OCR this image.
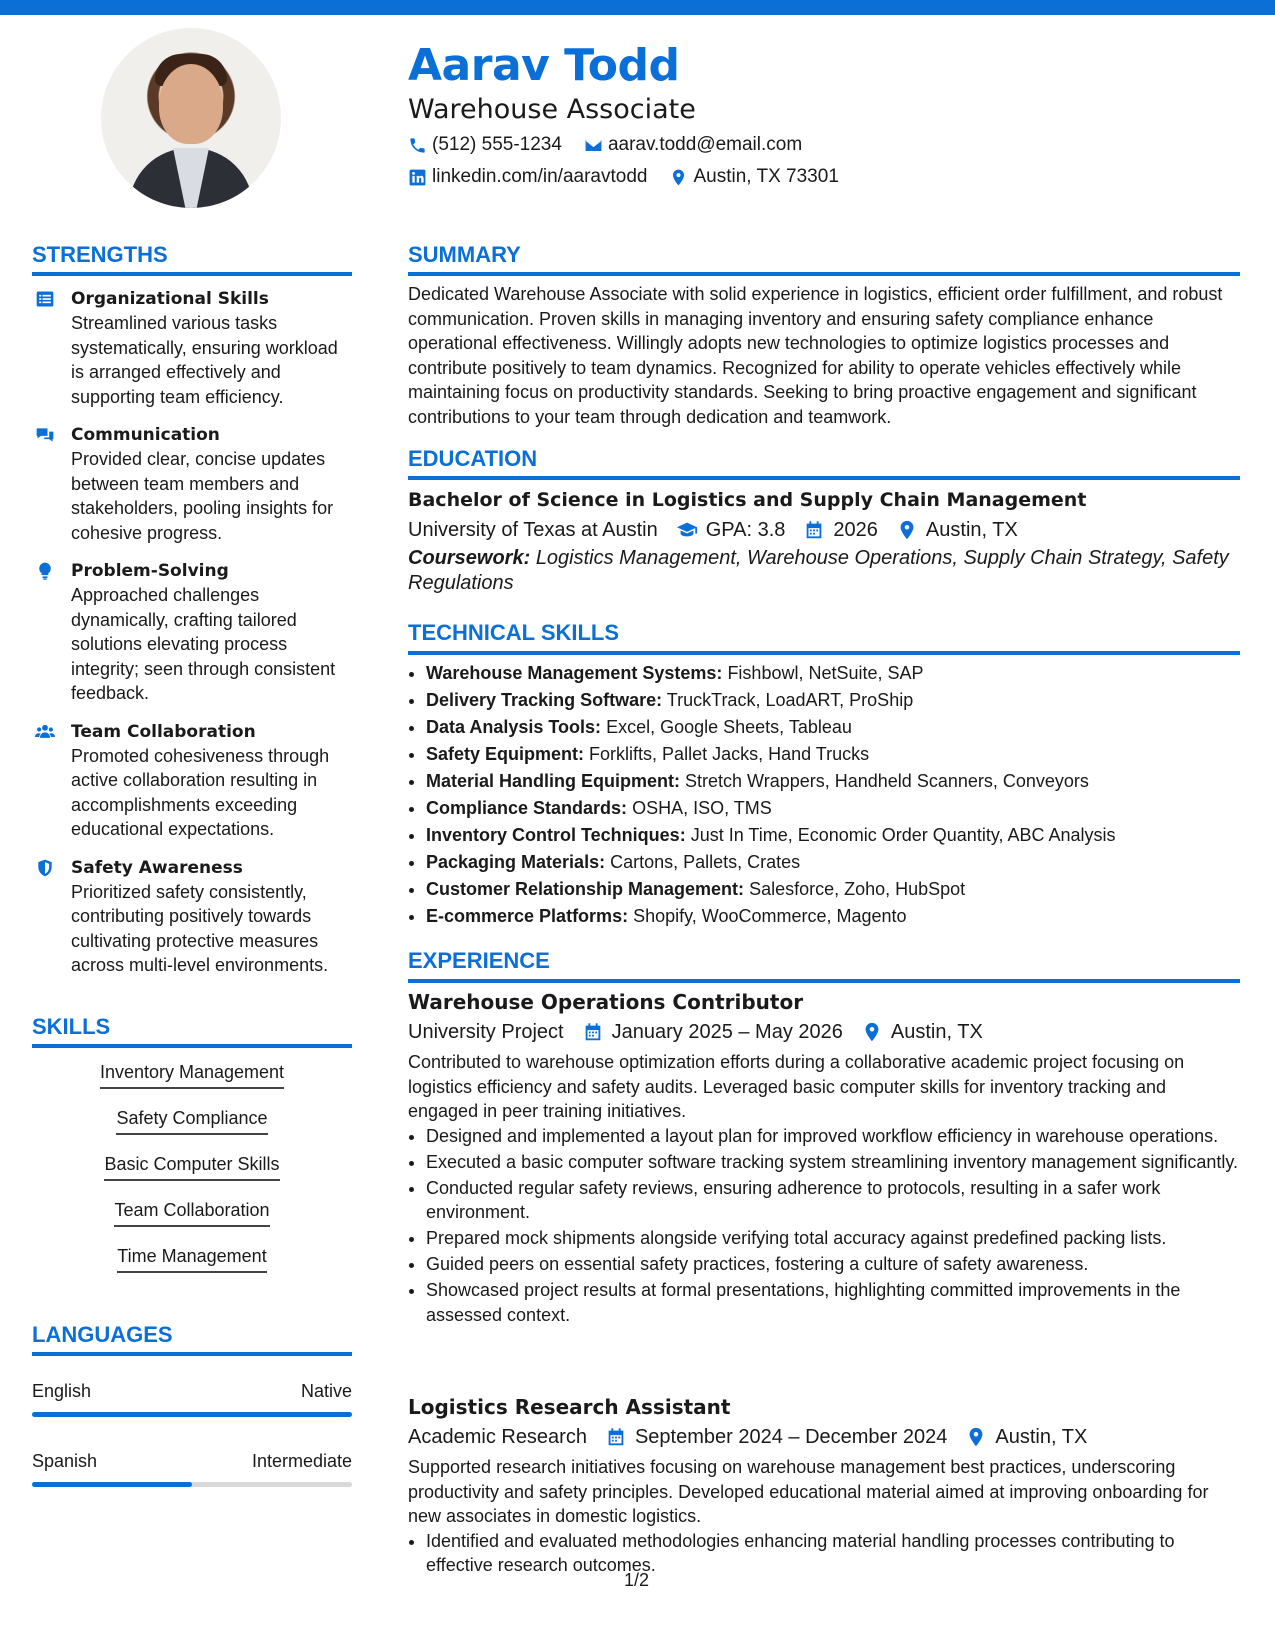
Aarav Todd
Warehouse Associate
(512) 555-1234 aarav.todd@email.com
linkedin.com/in/aaravtodd Austin, TX 73301
STRENGTHS
Organizational Skills
Streamlined various tasks systematically, ensuring workload is arranged effectively and supporting team efficiency.
Communication
Provided clear, concise updates between team members and stakeholders, pooling insights for cohesive progress.
Problem-Solving
Approached challenges dynamically, crafting tailored solutions elevating process integrity; seen through consistent feedback.
Team Collaboration
Promoted cohesiveness through active collaboration resulting in accomplishments exceeding educational expectations.
Safety Awareness
Prioritized safety consistently, contributing positively towards cultivating protective measures across multi-level environments.
SKILLS
Inventory Management
Safety Compliance
Basic Computer Skills
Team Collaboration
Time Management
LANGUAGES
English	Native
Spanish	Intermediate
SUMMARY
Dedicated Warehouse Associate with solid experience in logistics, efficient order fulfillment, and robust communication. Proven skills in managing inventory and ensuring safety compliance enhance operational effectiveness. Willingly adopts new technologies to optimize logistics processes and contribute positively to team dynamics. Recognized for ability to operate vehicles effectively while maintaining focus on productivity standards. Seeking to bring proactive engagement and significant contributions to your team through dedication and teamwork.
EDUCATION
Bachelor of Science in Logistics and Supply Chain Management
University of Texas at Austin GPA: 3.8 2026 Austin, TX
Coursework: Logistics Management, Warehouse Operations, Supply Chain Strategy, Safety Regulations
TECHNICAL SKILLS
• Warehouse Management Systems: Fishbowl, NetSuite, SAP
• Delivery Tracking Software: TruckTrack, LoadART, ProShip
• Data Analysis Tools: Excel, Google Sheets, Tableau
• Safety Equipment: Forklifts, Pallet Jacks, Hand Trucks
• Material Handling Equipment: Stretch Wrappers, Handheld Scanners, Conveyors
• Compliance Standards: OSHA, ISO, TMS
• Inventory Control Techniques: Just In Time, Economic Order Quantity, ABC Analysis
• Packaging Materials: Cartons, Pallets, Crates
• Customer Relationship Management: Salesforce, Zoho, HubSpot
• E-commerce Platforms: Shopify, WooCommerce, Magento
EXPERIENCE
Warehouse Operations Contributor
University Project January 2025 – May 2026 Austin, TX
Contributed to warehouse optimization efforts during a collaborative academic project focusing on logistics efficiency and safety audits. Leveraged basic computer skills for inventory tracking and engaged in peer training initiatives.
• Designed and implemented a layout plan for improved workflow efficiency in warehouse operations.
• Executed a basic computer software tracking system streamlining inventory management significantly.
• Conducted regular safety reviews, ensuring adherence to protocols, resulting in a safer work environment.
• Prepared mock shipments alongside verifying total accuracy against predefined packing lists.
• Guided peers on essential safety practices, fostering a culture of safety awareness.
• Showcased project results at formal presentations, highlighting committed improvements in the assessed context.
Logistics Research Assistant
Academic Research September 2024 – December 2024 Austin, TX
Supported research initiatives focusing on warehouse management best practices, underscoring productivity and safety principles. Developed educational material aimed at improving onboarding for new associates in domestic logistics.
• Identified and evaluated methodologies enhancing material handling processes contributing to effective research outcomes.
1/2
